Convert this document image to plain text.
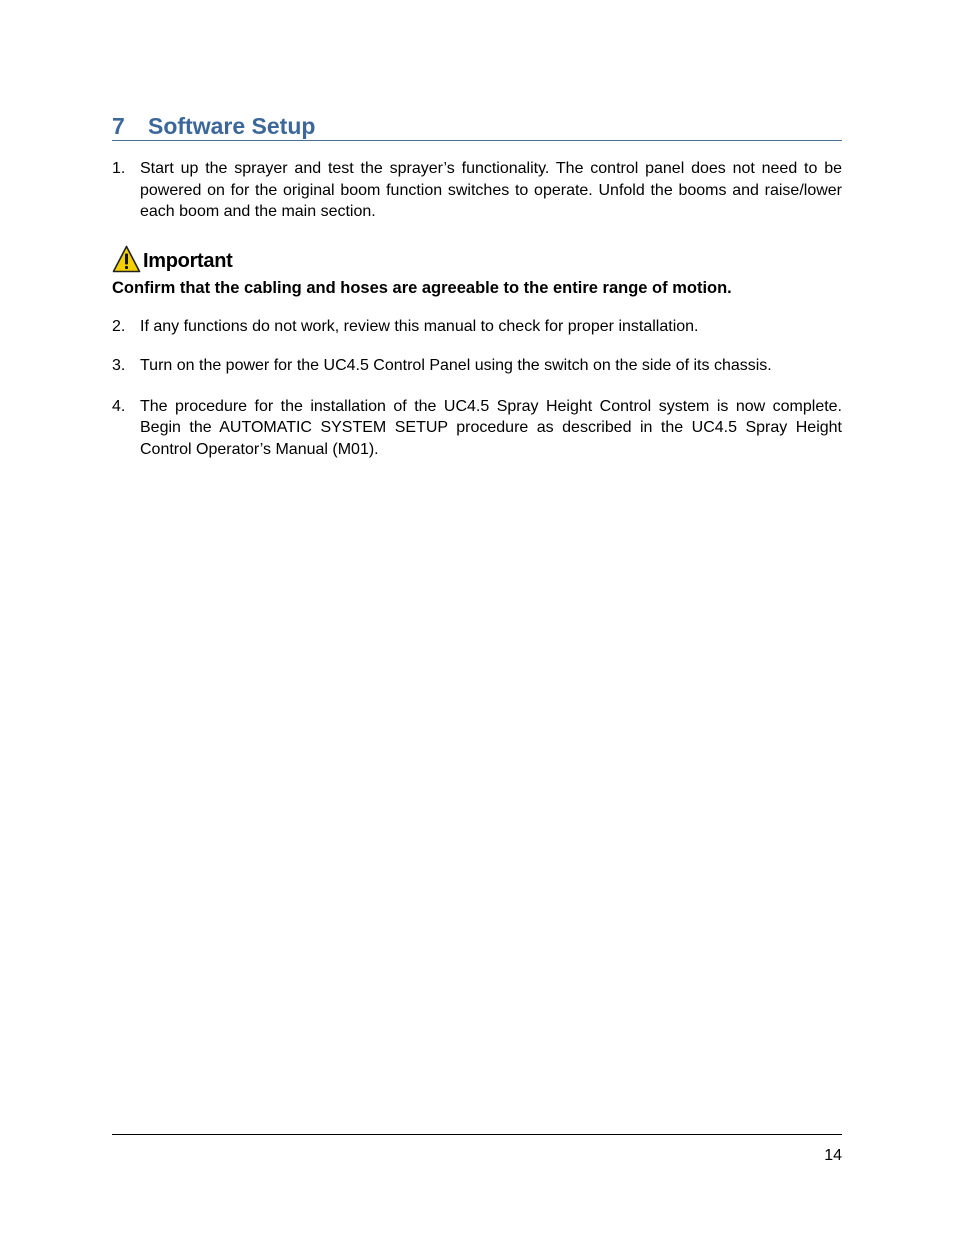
7	Software Setup
1. Start up the sprayer and test the sprayer’s functionality. The control panel does not need to be powered on for the original boom function switches to operate. Unfold the booms and raise/lower each boom and the main section.
Important
Confirm that the cabling and hoses are agreeable to the entire range of motion.
2. If any functions do not work, review this manual to check for proper installation.
3. Turn on the power for the UC4.5 Control Panel using the switch on the side of its chassis.
4. The procedure for the installation of the UC4.5 Spray Height Control system is now complete. Begin the AUTOMATIC SYSTEM SETUP procedure as described in the UC4.5 Spray Height Control Operator’s Manual (M01).
14
